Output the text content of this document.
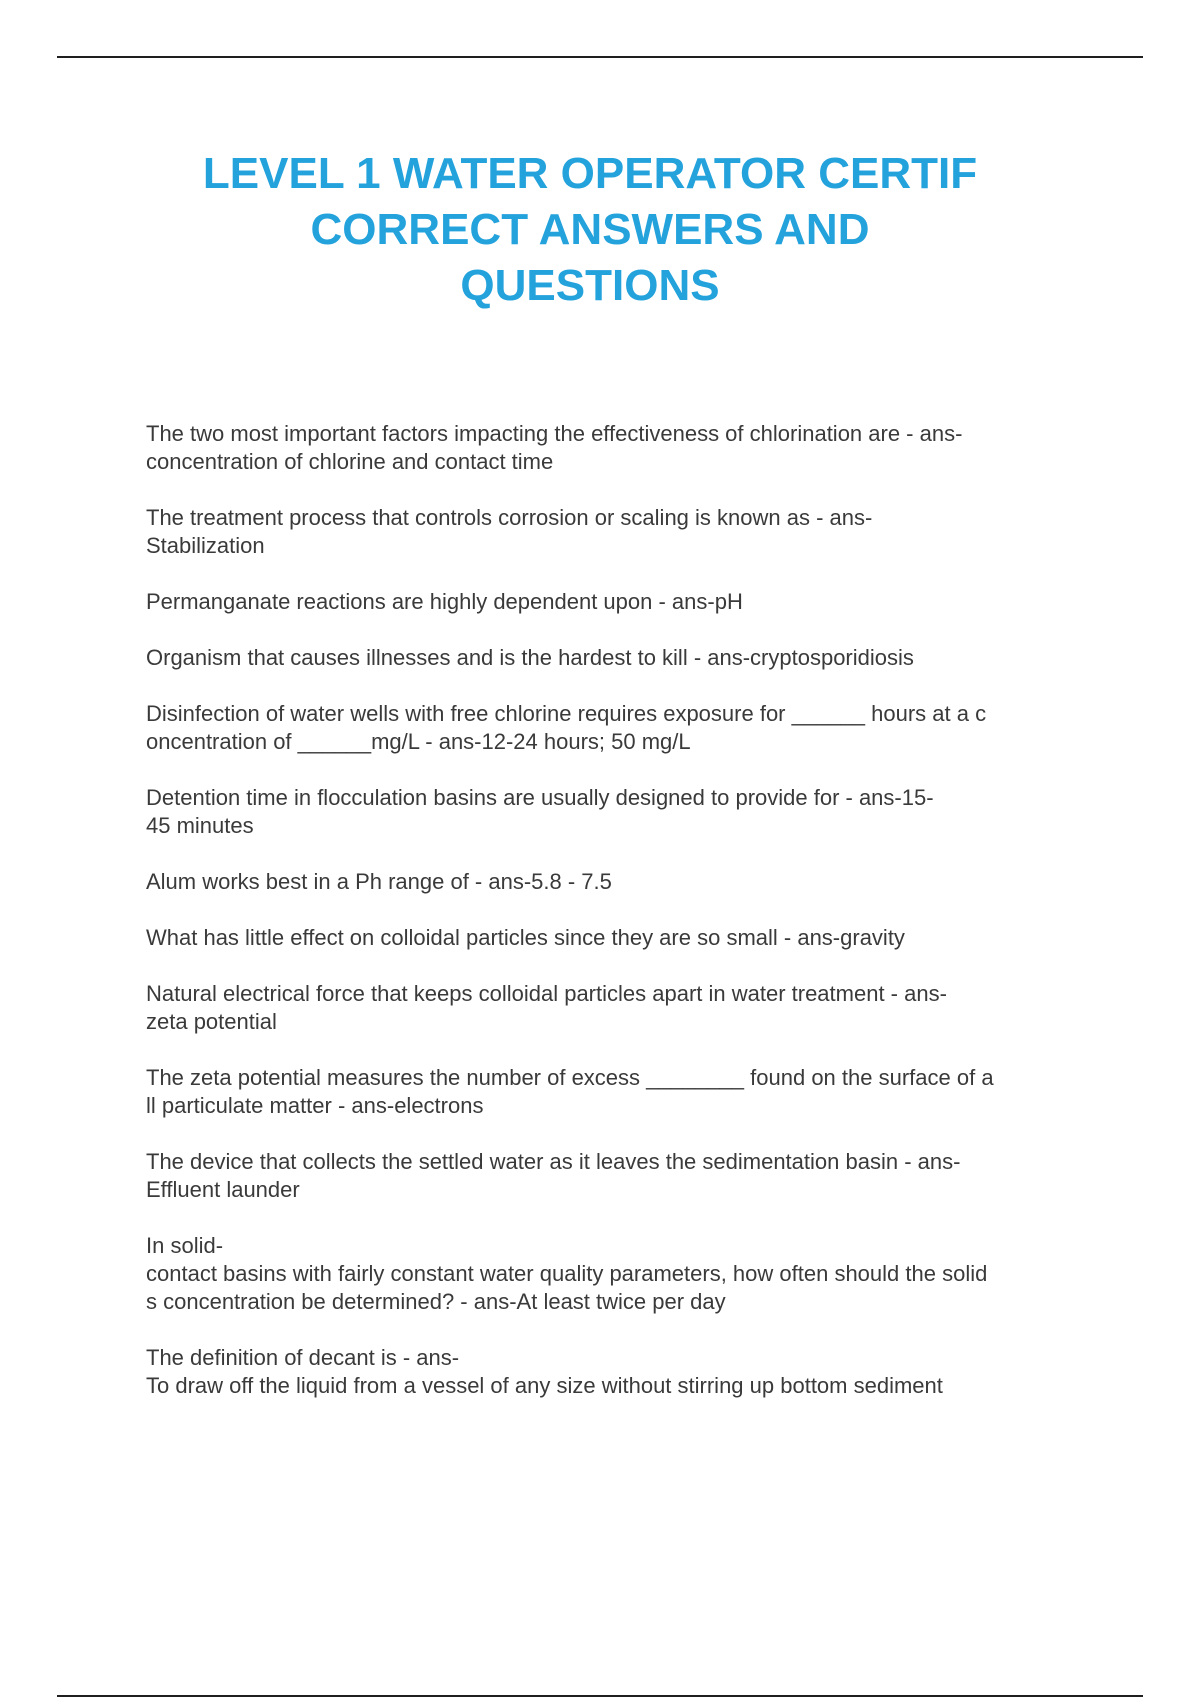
LEVEL 1 WATER OPERATOR CERTIF
CORRECT ANSWERS AND
QUESTIONS

The two most important factors impacting the effectiveness of chlorination are - ans-
concentration of chlorine and contact time

The treatment process that controls corrosion or scaling is known as - ans-
Stabilization

Permanganate reactions are highly dependent upon - ans-pH

Organism that causes illnesses and is the hardest to kill - ans-cryptosporidiosis

Disinfection of water wells with free chlorine requires exposure for ______ hours at a c
oncentration of ______mg/L - ans-12-24 hours; 50 mg/L

Detention time in flocculation basins are usually designed to provide for - ans-15-
45 minutes

Alum works best in a Ph range of - ans-5.8 - 7.5

What has little effect on colloidal particles since they are so small - ans-gravity

Natural electrical force that keeps colloidal particles apart in water treatment - ans-
zeta potential

The zeta potential measures the number of excess ________ found on the surface of a
ll particulate matter - ans-electrons

The device that collects the settled water as it leaves the sedimentation basin - ans-
Effluent launder

In solid-
contact basins with fairly constant water quality parameters, how often should the solid
s concentration be determined? - ans-At least twice per day

The definition of decant is - ans-
To draw off the liquid from a vessel of any size without stirring up bottom sediment
